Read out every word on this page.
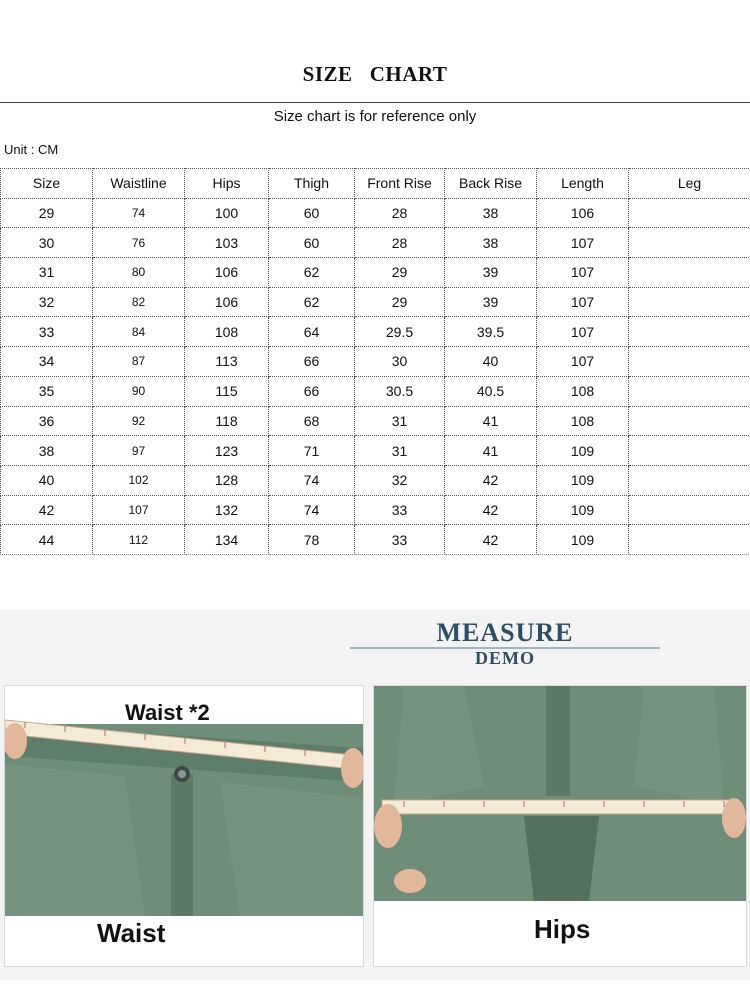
SIZE   CHART
Size chart is for reference only
Unit : CM
Size	Waistline	Hips	Thigh	Front Rise	Back Rise	Length	Leg
29	74	100	60	28	38	106	
30	76	103	60	28	38	107	
31	80	106	62	29	39	107	
32	82	106	62	29	39	107	
33	84	108	64	29.5	39.5	107	
34	87	113	66	30	40	107	
35	90	115	66	30.5	40.5	108	
36	92	118	68	31	41	108	
38	97	123	71	31	41	109	
40	102	128	74	32	42	109	
42	107	132	74	33	42	109	
44	112	134	78	33	42	109	
MEASURE
DEMO
Waist *2
Waist	Hips
